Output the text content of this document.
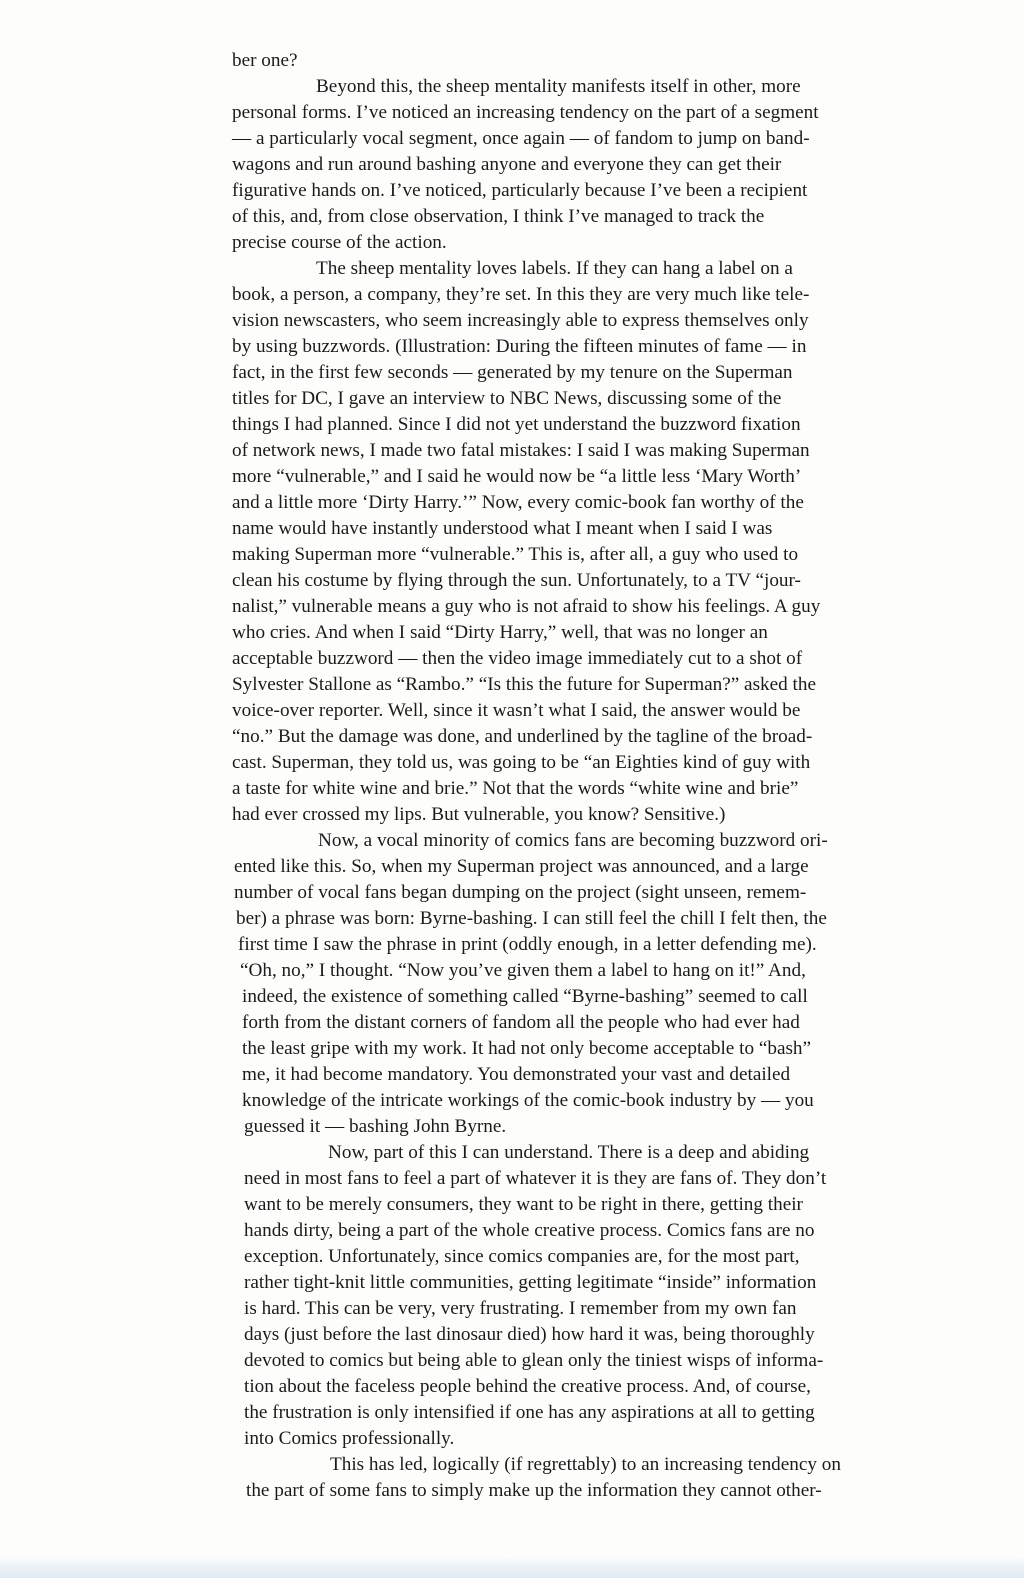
ber one?
Beyond this, the sheep mentality manifests itself in other, more
personal forms. I’ve noticed an increasing tendency on the part of a segment
— a particularly vocal segment, once again — of fandom to jump on band-
wagons and run around bashing anyone and everyone they can get their
figurative hands on. I’ve noticed, particularly because I’ve been a recipient
of this, and, from close observation, I think I’ve managed to track the
precise course of the action.
The sheep mentality loves labels. If they can hang a label on a
book, a person, a company, they’re set. In this they are very much like tele-
vision newscasters, who seem increasingly able to express themselves only
by using buzzwords. (Illustration: During the fifteen minutes of fame — in
fact, in the first few seconds — generated by my tenure on the Superman
titles for DC, I gave an interview to NBC News, discussing some of the
things I had planned. Since I did not yet understand the buzzword fixation
of network news, I made two fatal mistakes: I said I was making Superman
more “vulnerable,” and I said he would now be “a little less ‘Mary Worth’
and a little more ‘Dirty Harry.’” Now, every comic-book fan worthy of the
name would have instantly understood what I meant when I said I was
making Superman more “vulnerable.” This is, after all, a guy who used to
clean his costume by flying through the sun. Unfortunately, to a TV “jour-
nalist,” vulnerable means a guy who is not afraid to show his feelings. A guy
who cries. And when I said “Dirty Harry,” well, that was no longer an
acceptable buzzword — then the video image immediately cut to a shot of
Sylvester Stallone as “Rambo.” “Is this the future for Superman?” asked the
voice-over reporter. Well, since it wasn’t what I said, the answer would be
“no.” But the damage was done, and underlined by the tagline of the broad-
cast. Superman, they told us, was going to be “an Eighties kind of guy with
a taste for white wine and brie.” Not that the words “white wine and brie”
had ever crossed my lips. But vulnerable, you know? Sensitive.)
Now, a vocal minority of comics fans are becoming buzzword ori-
ented like this. So, when my Superman project was announced, and a large
number of vocal fans began dumping on the project (sight unseen, remem-
ber) a phrase was born: Byrne-bashing. I can still feel the chill I felt then, the
first time I saw the phrase in print (oddly enough, in a letter defending me).
“Oh, no,” I thought. “Now you’ve given them a label to hang on it!” And,
indeed, the existence of something called “Byrne-bashing” seemed to call
forth from the distant corners of fandom all the people who had ever had
the least gripe with my work. It had not only become acceptable to “bash”
me, it had become mandatory. You demonstrated your vast and detailed
knowledge of the intricate workings of the comic-book industry by — you
guessed it — bashing John Byrne.
Now, part of this I can understand. There is a deep and abiding
need in most fans to feel a part of whatever it is they are fans of. They don’t
want to be merely consumers, they want to be right in there, getting their
hands dirty, being a part of the whole creative process. Comics fans are no
exception. Unfortunately, since comics companies are, for the most part,
rather tight-knit little communities, getting legitimate “inside” information
is hard. This can be very, very frustrating. I remember from my own fan
days (just before the last dinosaur died) how hard it was, being thoroughly
devoted to comics but being able to glean only the tiniest wisps of informa-
tion about the faceless people behind the creative process. And, of course,
the frustration is only intensified if one has any aspirations at all to getting
into Comics professionally.
This has led, logically (if regrettably) to an increasing tendency on
the part of some fans to simply make up the information they cannot other-
